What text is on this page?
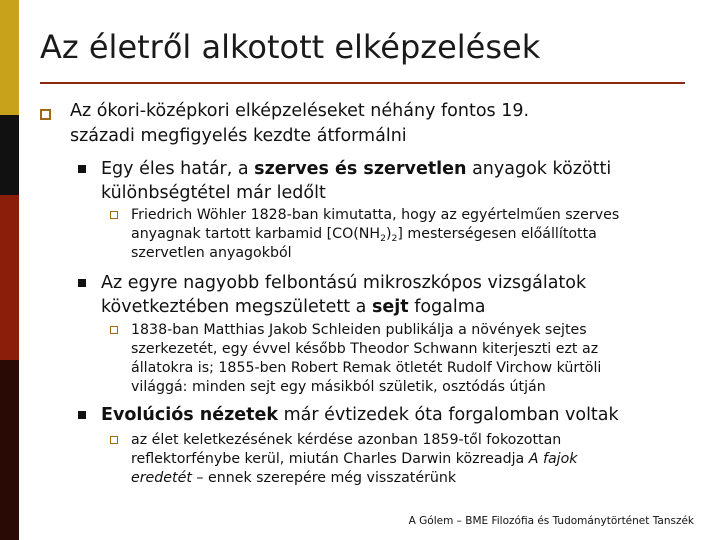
Az életről alkotott elképzelések
Az ókori-középkori elképzeléseket néhány fontos 19.
századi megfigyelés kezdte átformálni
Egy éles határ, a szerves és szervetlen anyagok közötti
különbségtétel már ledőlt
Friedrich Wöhler 1828-ban kimutatta, hogy az egyértelműen szerves
anyagnak tartott karbamid $[CO(NH_2)_2]$ mesterségesen előállította
szervetlen anyagokból
Az egyre nagyobb felbontású mikroszkópos vizsgálatok
következtében megszületett a sejt fogalma
1838-ban Matthias Jakob Schleiden publikálja a növények sejtes
szerkezetét, egy évvel később Theodor Schwann kiterjeszti ezt az
állatokra is; 1855-ben Robert Remak ötletét Rudolf Virchow kürtöli
világgá: minden sejt egy másikból születik, osztódás útján
Evolúciós nézetek már évtizedek óta forgalomban voltak
az élet keletkezésének kérdése azonban 1859-től fokozottan
reflektorfénybe kerül, miután Charles Darwin közreadja A fajok
eredetét – ennek szerepére még visszatérünk
A Gólem – BME Filozófia és Tudománytörténet Tanszék
